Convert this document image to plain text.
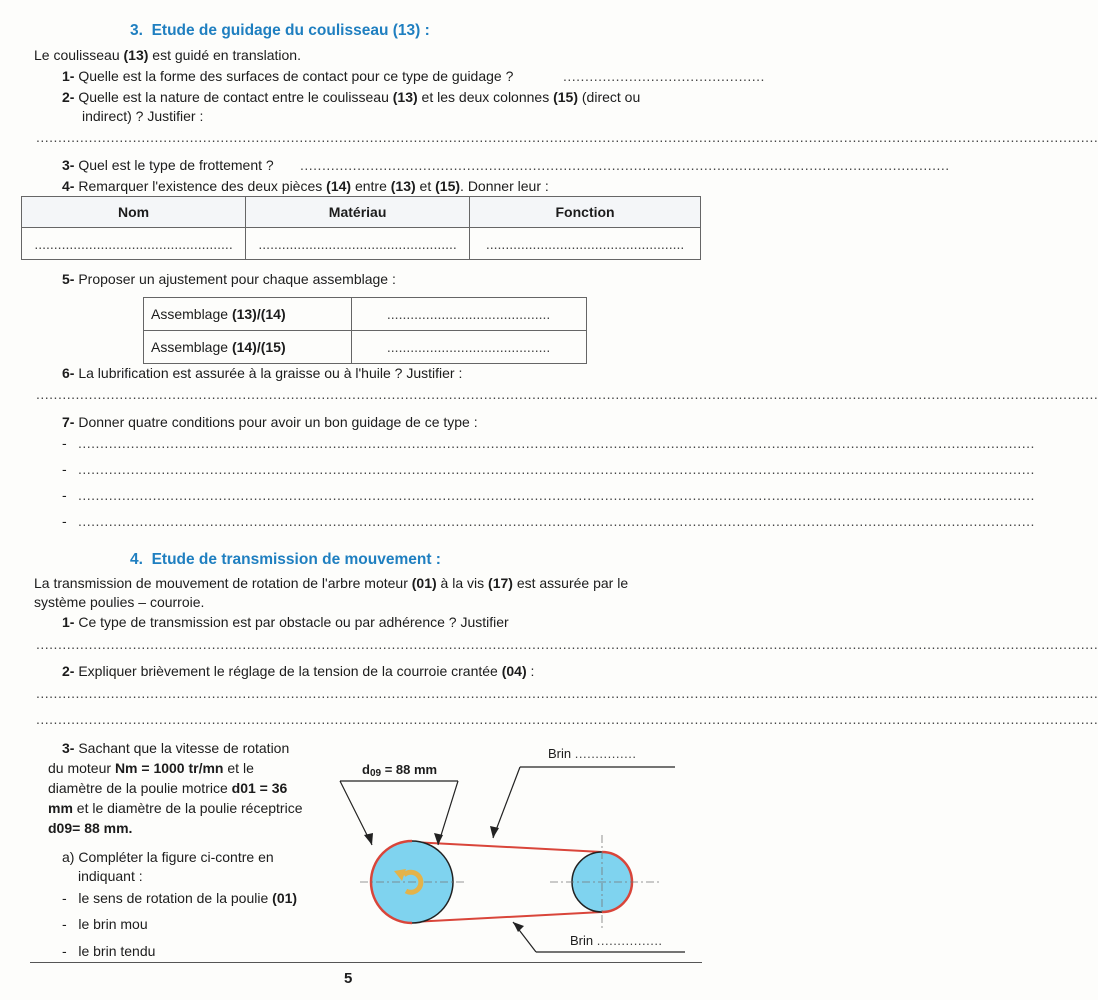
3. Etude de guidage du coulisseau (13) :
Le coulisseau (13) est guidé en translation.
1- Quelle est la forme des surfaces de contact pour ce type de guidage ?	..............................................
2- Quelle est la nature de contact entre le coulisseau (13) et les deux colonnes (15) (direct ou
indirect) ? Justifier :
..................................................................................................................................................................................................................................................
3- Quel est le type de frottement ? ....................................................................................................................................................
4- Remarquer l'existence des deux pièces (14) entre (13) et (15). Donner leur :
Nom	Matériau	Fonction
...................................................	...................................................	...................................................
5- Proposer un ajustement pour chaque assemblage :
Assemblage (13)/(14)	..........................................
Assemblage (14)/(15)	..........................................
6- La lubrification est assurée à la graisse ou à l'huile ? Justifier :
..................................................................................................................................................................................................................................................
7- Donner quatre conditions pour avoir un bon guidage de ce type :
- ..........................................................................................................................................................................................................................
- ..........................................................................................................................................................................................................................
- ..........................................................................................................................................................................................................................
- ..........................................................................................................................................................................................................................
4. Etude de transmission de mouvement :
La transmission de mouvement de rotation de l'arbre moteur (01) à la vis (17) est assurée par le
système poulies – courroie.
1- Ce type de transmission est par obstacle ou par adhérence ? Justifier
..................................................................................................................................................................................................................................................
2- Expliquer brièvement le réglage de la tension de la courroie crantée (04) :
..................................................................................................................................................................................................................................................
..................................................................................................................................................................................................................................................
3- Sachant que la vitesse de rotation
du moteur Nm = 1000 tr/mn et le
diamètre de la poulie motrice d01 = 36
mm et le diamètre de la poulie réceptrice
d09= 88 mm.
a) Compléter la figure ci-contre en
indiquant :
- le sens de rotation de la poulie (01)
- le brin mou
- le brin tendu
$d_{09} = 88$ mm
Brin ...............
Brin ................
5
